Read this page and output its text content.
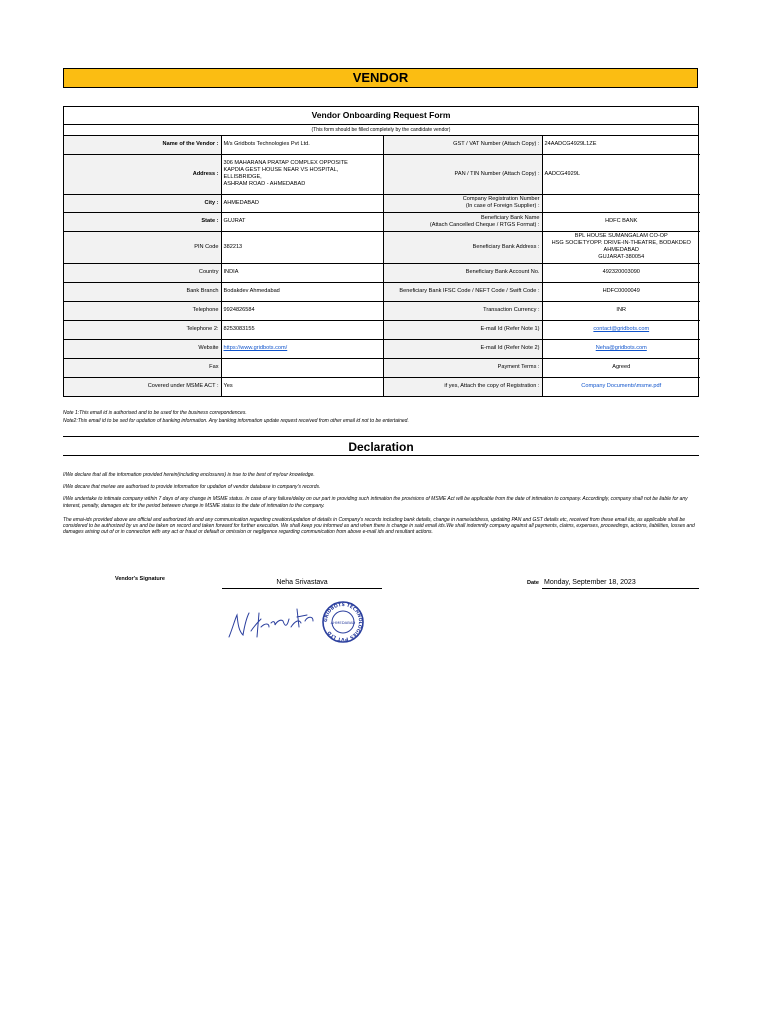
VENDOR
Vendor Onboarding Request Form
(This form should be filled completely by the candidate vendor)
Name of the Vendor :	M/s Gridbots Technologies Pvt Ltd.	GST / VAT Number (Attach Copy) :	24AADCG4929L1ZE
Address :	306 MAHARANA PRATAP COMPLEX OPPOSITE
KAPDIA GEST HOUSE NEAR VS HOSPITAL,
ELLISBRIDGE,
ASHRAM ROAD - AHMEDABAD	PAN / TIN Number (Attach Copy) :	AADCG4929L
City :	AHMEDABAD	Company Registration Number
(In case of Foreign Supplier) :	

State :	GUJRAT	Beneficiary Bank Name
(Attach Cancelled Cheque / RTGS Format) :	HDFC BANK
PIN Code	382213	Beneficiary Bank Address :	BPL HOUSE SUMANGALAM CO-OP
HSG SOCIETYOPP. DRIVE-IN-THEATRE, BODAKDEO
AHMEDABAD
GUJARAT-380054

Country	INDIA	Beneficiary Bank Account No.	492320003090
Bank Branch	Bodakdev Ahmedabad	Beneficiary Bank IFSC Code / NEFT Code / Swift Code :	HDFC0000049
Telephone	9924826584	Transaction Currency :	INR
Telephone 2:	8253083155	E-mail Id (Refer Note 1)	contact@gridbots.com
Website	https://www.gridbots.com/	E-mail Id (Refer Note 2)	Neha@gridbots.com
Fax		Payment Terms :	Agreed
Covered under MSME ACT :	Yes	if yes, Attach the copy of Registration :	Company Documents\msme.pdf
Note 1:This email id is authorised and to be used for the business correpondences.
Note2:This email id to be sed for updation of banking information. Any banking information update request received from other email id not to be entertained.
Declaration

I/We declare that all the information provided herein(including enclosures) is true to the best of my/our knowledge.

I/We decare that me/we are authorised to provide information for updation of vendor database in company's records.

I/We undertake to intimate company within 7 days of any change in MSME status. In case of any failure/delay on our part in providing such intimation the provisions of MSME Act will be applicable from the date of intimation to company. Accordingly, company shall not be liable for any interest, penalty, damages etc for the period between change in MSME status to the date of intimation to the company.

The emai-ids provided above are official and authorized ids and any communication regarding creation/updation of details in Company's records including bank details, change in name/address, updating PAN and GST details etc, received from these email ids, as applicable shall be considered to be authorized by us and be taken on record and taken forward for further execution. We shall keep you informed as and when there is change in said email ids.We shall indemnify company against all payments, claims, expenses, proceedings, actions, liabilities, losses and damages arising out of or in connection with any act or fraud or default or omission or negligence regarding communication from above e-mail ids and resultant actions.

Vendor's Signature	Neha Srivastava	Date Monday, September 18, 2023
GRIDBOTS TECHNOLOGIES PVT LTD
AHMEDABAD
